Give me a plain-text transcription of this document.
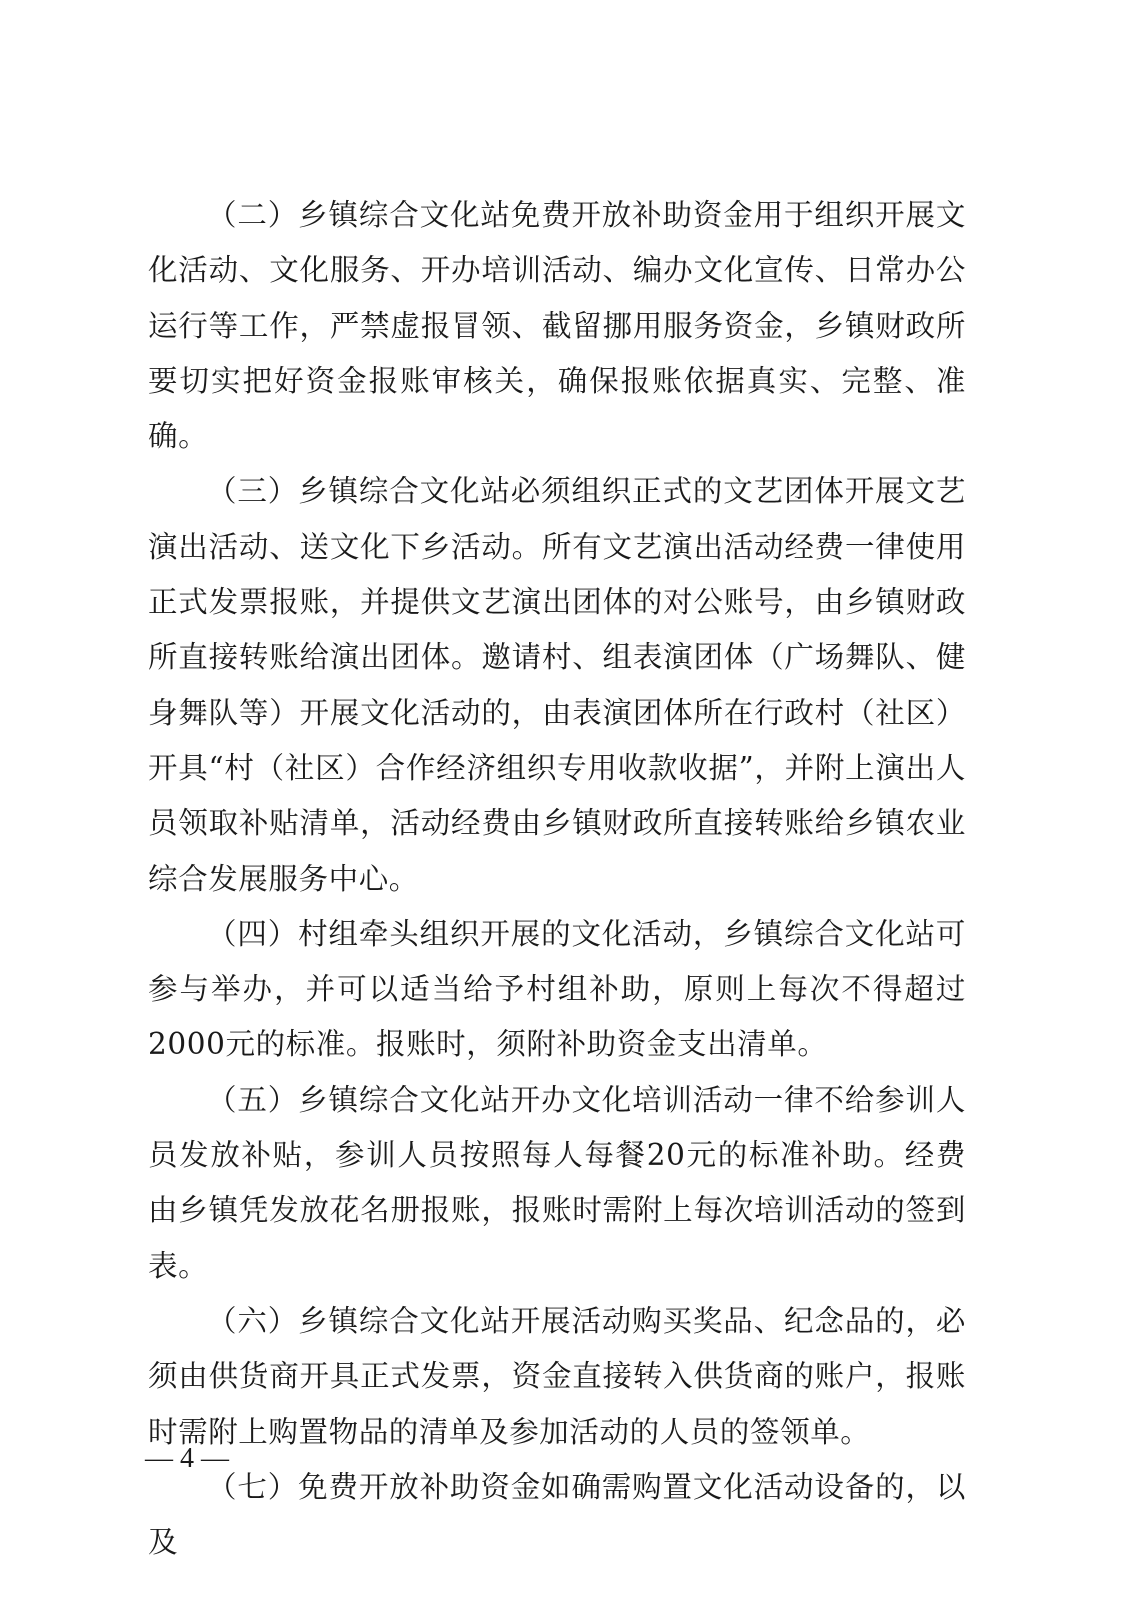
（二）乡镇综合文化站免费开放补助资金用于组织开展文化活动、文化服务、开办培训活动、编办文化宣传、日常办公运行等工作，严禁虚报冒领、截留挪用服务资金，乡镇财政所要切实把好资金报账审核关，确保报账依据真实、完整、准确。

（三）乡镇综合文化站必须组织正式的文艺团体开展文艺演出活动、送文化下乡活动。所有文艺演出活动经费一律使用正式发票报账，并提供文艺演出团体的对公账号，由乡镇财政所直接转账给演出团体。邀请村、组表演团体（广场舞队、健身舞队等）开展文化活动的，由表演团体所在行政村（社区）开具“村（社区）合作经济组织专用收款收据”，并附上演出人员领取补贴清单，活动经费由乡镇财政所直接转账给乡镇农业综合发展服务中心。

（四）村组牵头组织开展的文化活动，乡镇综合文化站可参与举办，并可以适当给予村组补助，原则上每次不得超过2000元的标准。报账时，须附补助资金支出清单。

（五）乡镇综合文化站开办文化培训活动一律不给参训人员发放补贴，参训人员按照每人每餐20元的标准补助。经费由乡镇凭发放花名册报账，报账时需附上每次培训活动的签到表。

（六）乡镇综合文化站开展活动购买奖品、纪念品的，必须由供货商开具正式发票，资金直接转入供货商的账户，报账时需附上购置物品的清单及参加活动的人员的签领单。

（七）免费开放补助资金如确需购置文化活动设备的，以及

— 4 —
